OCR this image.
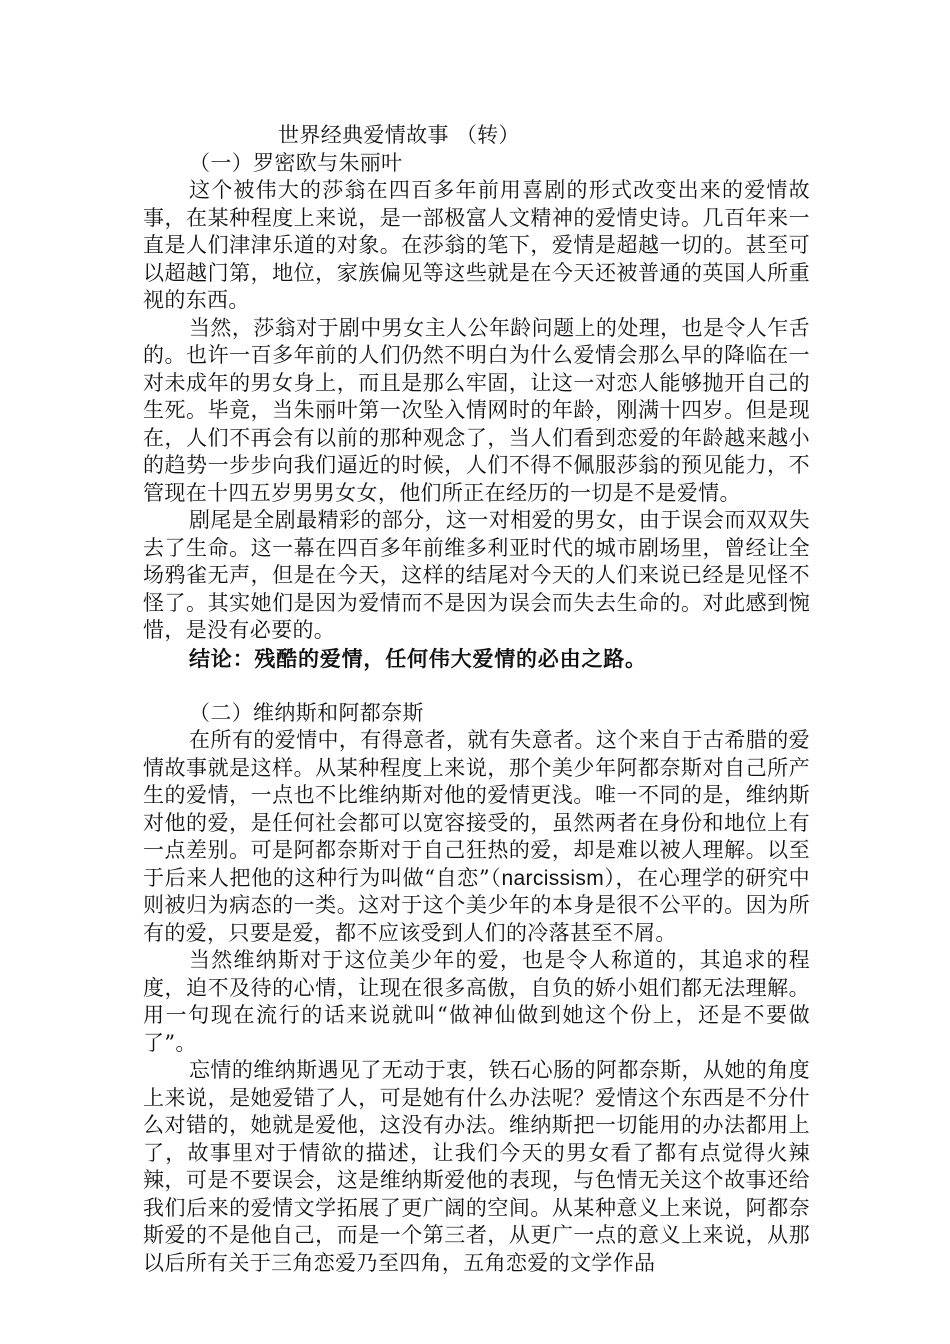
世界经典爱情故事 （转）
（一）罗密欧与朱丽叶

这个被伟大的莎翁在四百多年前用喜剧的形式改变出来的爱情故事，在某种程度上来说，是一部极富人文精神的爱情史诗。几百年来一直是人们津津乐道的对象。在莎翁的笔下，爱情是超越一切的。甚至可以超越门第，地位，家族偏见等这些就是在今天还被普通的英国人所重视的东西。

当然，莎翁对于剧中男女主人公年龄问题上的处理，也是令人乍舌的。也许一百多年前的人们仍然不明白为什么爱情会那么早的降临在一对未成年的男女身上，而且是那么牢固，让这一对恋人能够抛开自己的生死。毕竟，当朱丽叶第一次坠入情网时的年龄，刚满十四岁。但是现在，人们不再会有以前的那种观念了，当人们看到恋爱的年龄越来越小的趋势一步步向我们逼近的时候，人们不得不佩服莎翁的预见能力，不管现在十四五岁男男女女，他们所正在经历的一切是不是爱情。

剧尾是全剧最精彩的部分，这一对相爱的男女，由于误会而双双失去了生命。这一幕在四百多年前维多利亚时代的城市剧场里，曾经让全场鸦雀无声，但是在今天，这样的结尾对今天的人们来说已经是见怪不怪了。其实她们是因为爱情而不是因为误会而失去生命的。对此感到惋惜，是没有必要的。

结论：残酷的爱情，任何伟大爱情的必由之路。

（二）维纳斯和阿都奈斯

在所有的爱情中，有得意者，就有失意者。这个来自于古希腊的爱情故事就是这样。从某种程度上来说，那个美少年阿都奈斯对自己所产生的爱情，一点也不比维纳斯对他的爱情更浅。唯一不同的是，维纳斯对他的爱，是任何社会都可以宽容接受的，虽然两者在身份和地位上有一点差别。可是阿都奈斯对于自己狂热的爱，却是难以被人理解。以至于后来人把他的这种行为叫做“自恋”（narcissism），在心理学的研究中则被归为病态的一类。这对于这个美少年的本身是很不公平的。因为所有的爱，只要是爱，都不应该受到人们的冷落甚至不屑。

当然维纳斯对于这位美少年的爱，也是令人称道的，其追求的程度，迫不及待的心情，让现在很多高傲，自负的娇小姐们都无法理解。用一句现在流行的话来说就叫“做神仙做到她这个份上，还是不要做了”。

忘情的维纳斯遇见了无动于衷，铁石心肠的阿都奈斯，从她的角度上来说，是她爱错了人，可是她有什么办法呢？爱情这个东西是不分什么对错的，她就是爱他，这没有办法。维纳斯把一切能用的办法都用上了，故事里对于情欲的描述，让我们今天的男女看了都有点觉得火辣辣，可是不要误会，这是维纳斯爱他的表现，与色情无关这个故事还给我们后来的爱情文学拓展了更广阔的空间。从某种意义上来说，阿都奈斯爱的不是他自己，而是一个第三者，从更广一点的意义上来说，从那以后所有关于三角恋爱乃至四角，五角恋爱的文学作品
